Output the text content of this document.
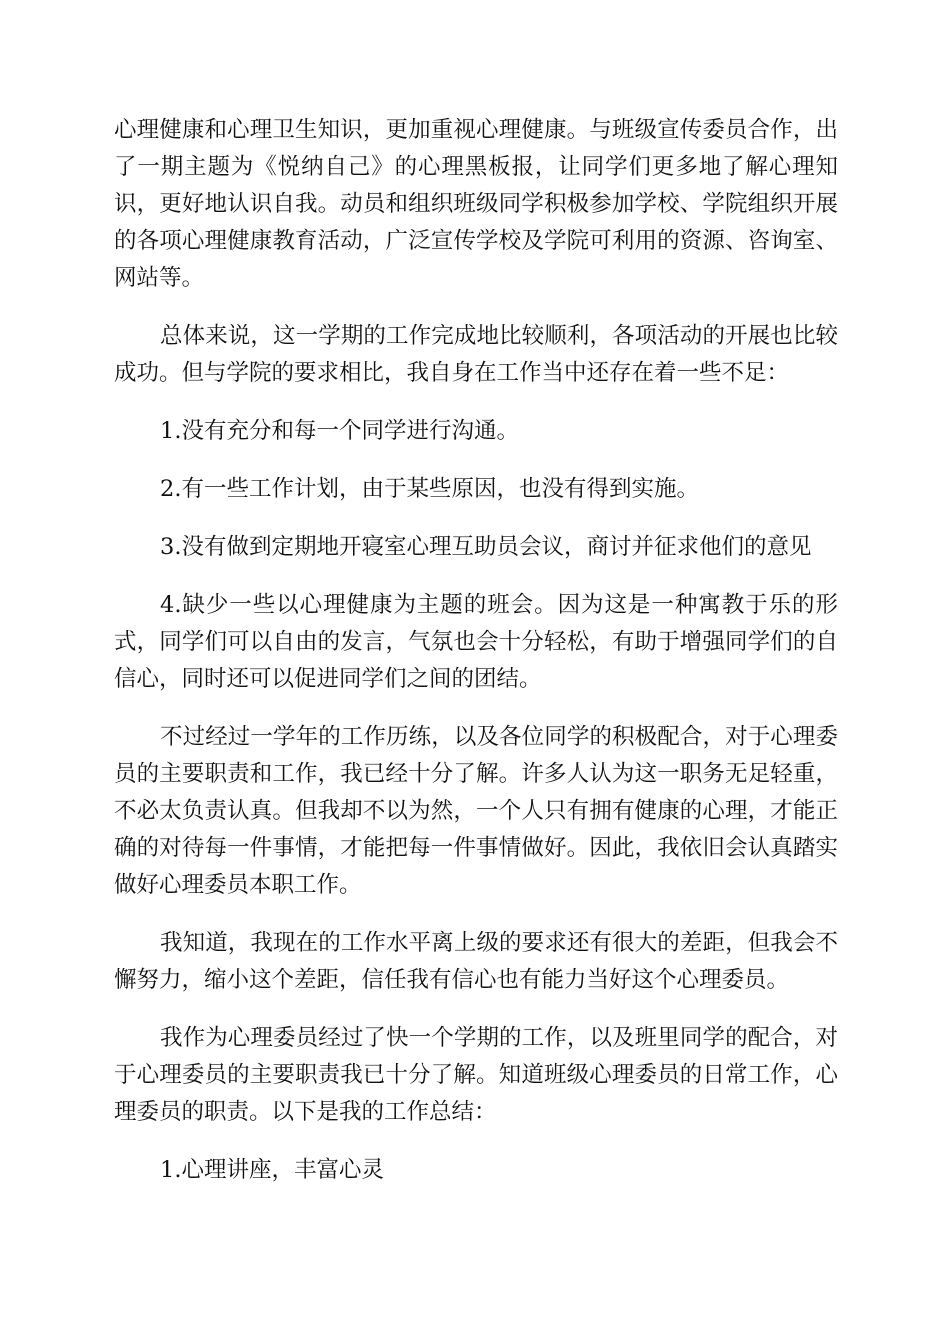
心理健康和心理卫生知识，更加重视心理健康。与班级宣传委员合作，出了一期主题为《悦纳自己》的心理黑板报，让同学们更多地了解心理知识，更好地认识自我。动员和组织班级同学积极参加学校、学院组织开展的各项心理健康教育活动，广泛宣传学校及学院可利用的资源、咨询室、网站等。

总体来说，这一学期的工作完成地比较顺利，各项活动的开展也比较成功。但与学院的要求相比，我自身在工作当中还存在着一些不足：

1.没有充分和每一个同学进行沟通。

2.有一些工作计划，由于某些原因，也没有得到实施。

3.没有做到定期地开寝室心理互助员会议，商讨并征求他们的意见

4.缺少一些以心理健康为主题的班会。因为这是一种寓教于乐的形式，同学们可以自由的发言，气氛也会十分轻松，有助于增强同学们的自信心，同时还可以促进同学们之间的团结。

不过经过一学年的工作历练，以及各位同学的积极配合，对于心理委员的主要职责和工作，我已经十分了解。许多人认为这一职务无足轻重，不必太负责认真。但我却不以为然，一个人只有拥有健康的心理，才能正确的对待每一件事情，才能把每一件事情做好。因此，我依旧会认真踏实做好心理委员本职工作。

我知道，我现在的工作水平离上级的要求还有很大的差距，但我会不懈努力，缩小这个差距，信任我有信心也有能力当好这个心理委员。

我作为心理委员经过了快一个学期的工作，以及班里同学的配合，对于心理委员的主要职责我已十分了解。知道班级心理委员的日常工作，心理委员的职责。以下是我的工作总结：

1.心理讲座，丰富心灵
